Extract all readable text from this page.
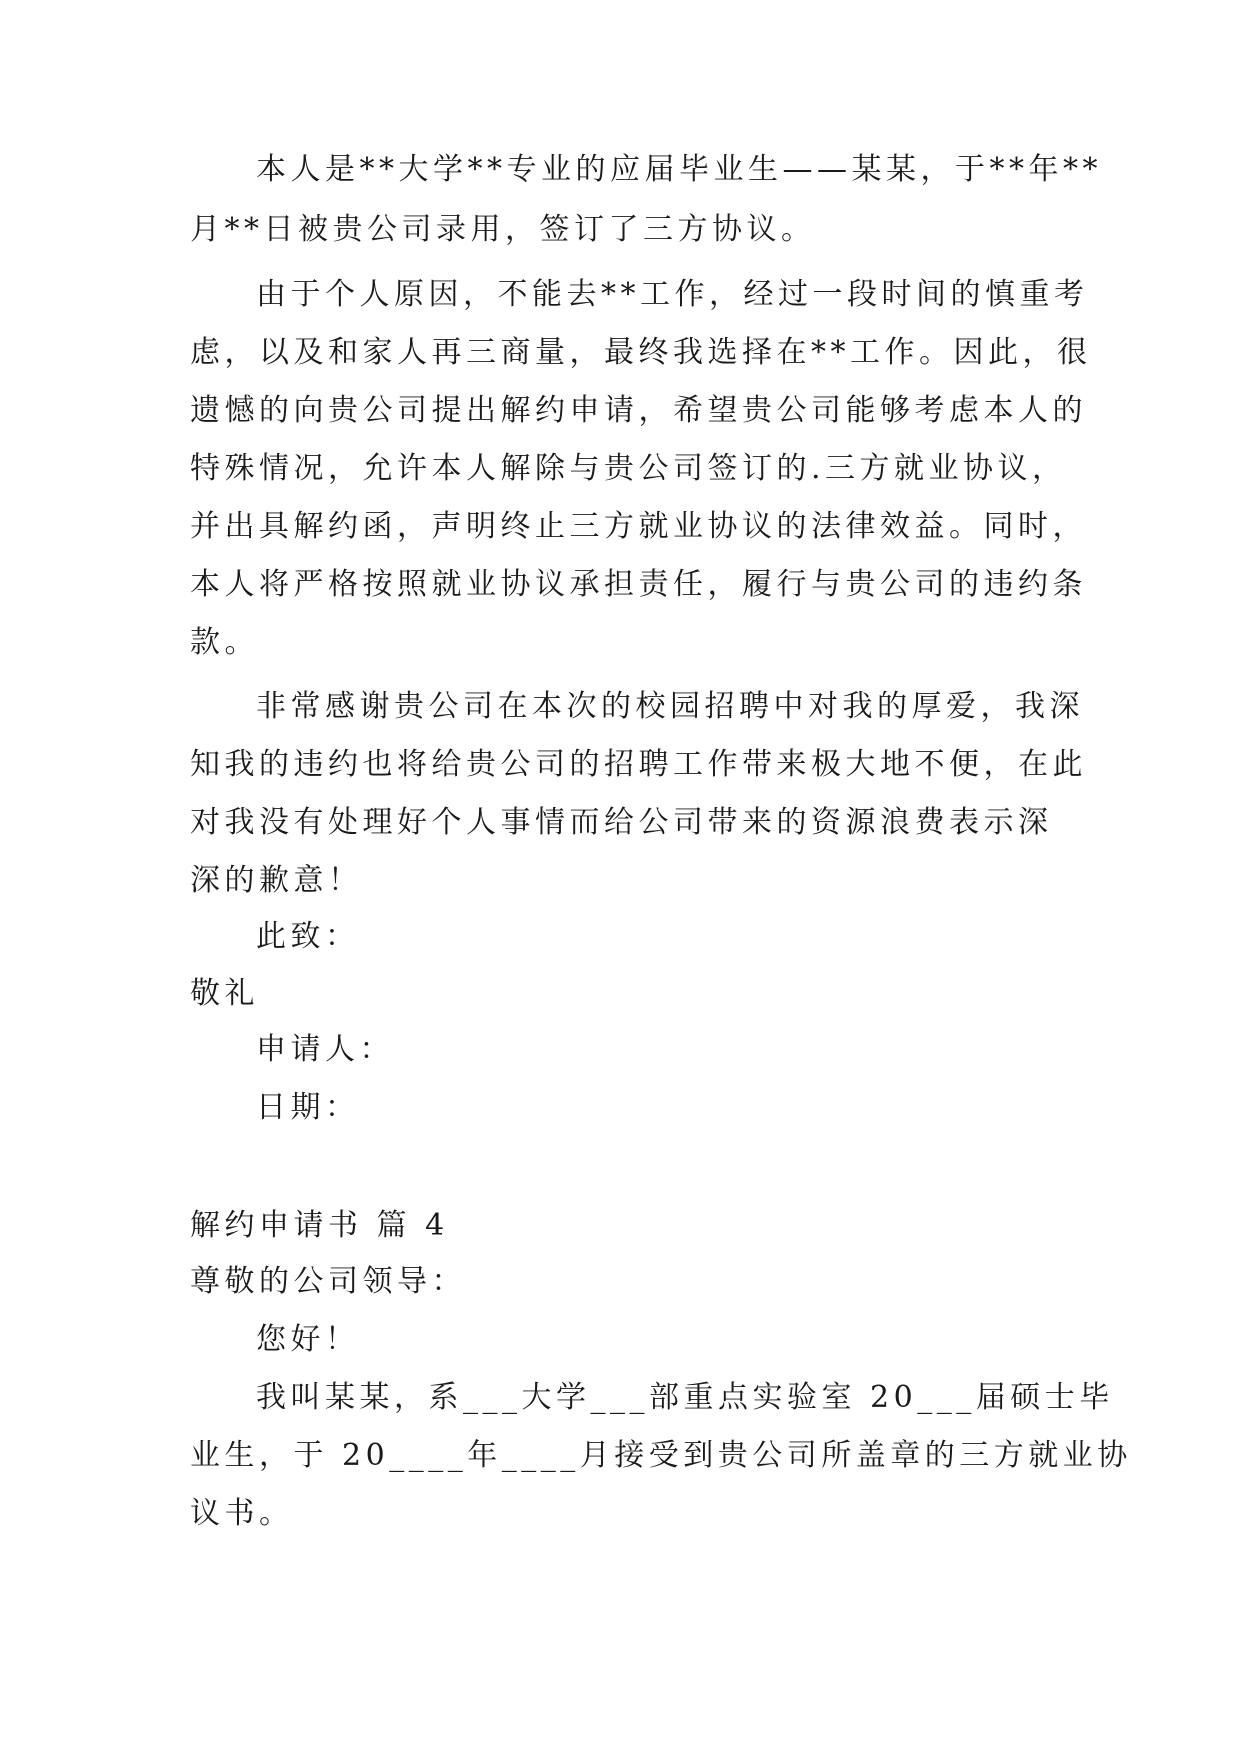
本人是**大学**专业的应届毕业生——某某，于**年**
月**日被贵公司录用，签订了三方协议。
由于个人原因，不能去**工作，经过一段时间的慎重考
虑，以及和家人再三商量，最终我选择在**工作。因此，很
遗憾的向贵公司提出解约申请，希望贵公司能够考虑本人的
特殊情况，允许本人解除与贵公司签订的.三方就业协议，
并出具解约函，声明终止三方就业协议的法律效益。同时，
本人将严格按照就业协议承担责任，履行与贵公司的违约条
款。
非常感谢贵公司在本次的校园招聘中对我的厚爱，我深
知我的违约也将给贵公司的招聘工作带来极大地不便，在此
对我没有处理好个人事情而给公司带来的资源浪费表示深
深的歉意！
此致：
敬礼
申请人：
日期：
解约申请书 篇 4
尊敬的公司领导：
您好！
我叫某某，系___大学___部重点实验室 20___届硕士毕
业生，于 20____年____月接受到贵公司所盖章的三方就业协
议书。
